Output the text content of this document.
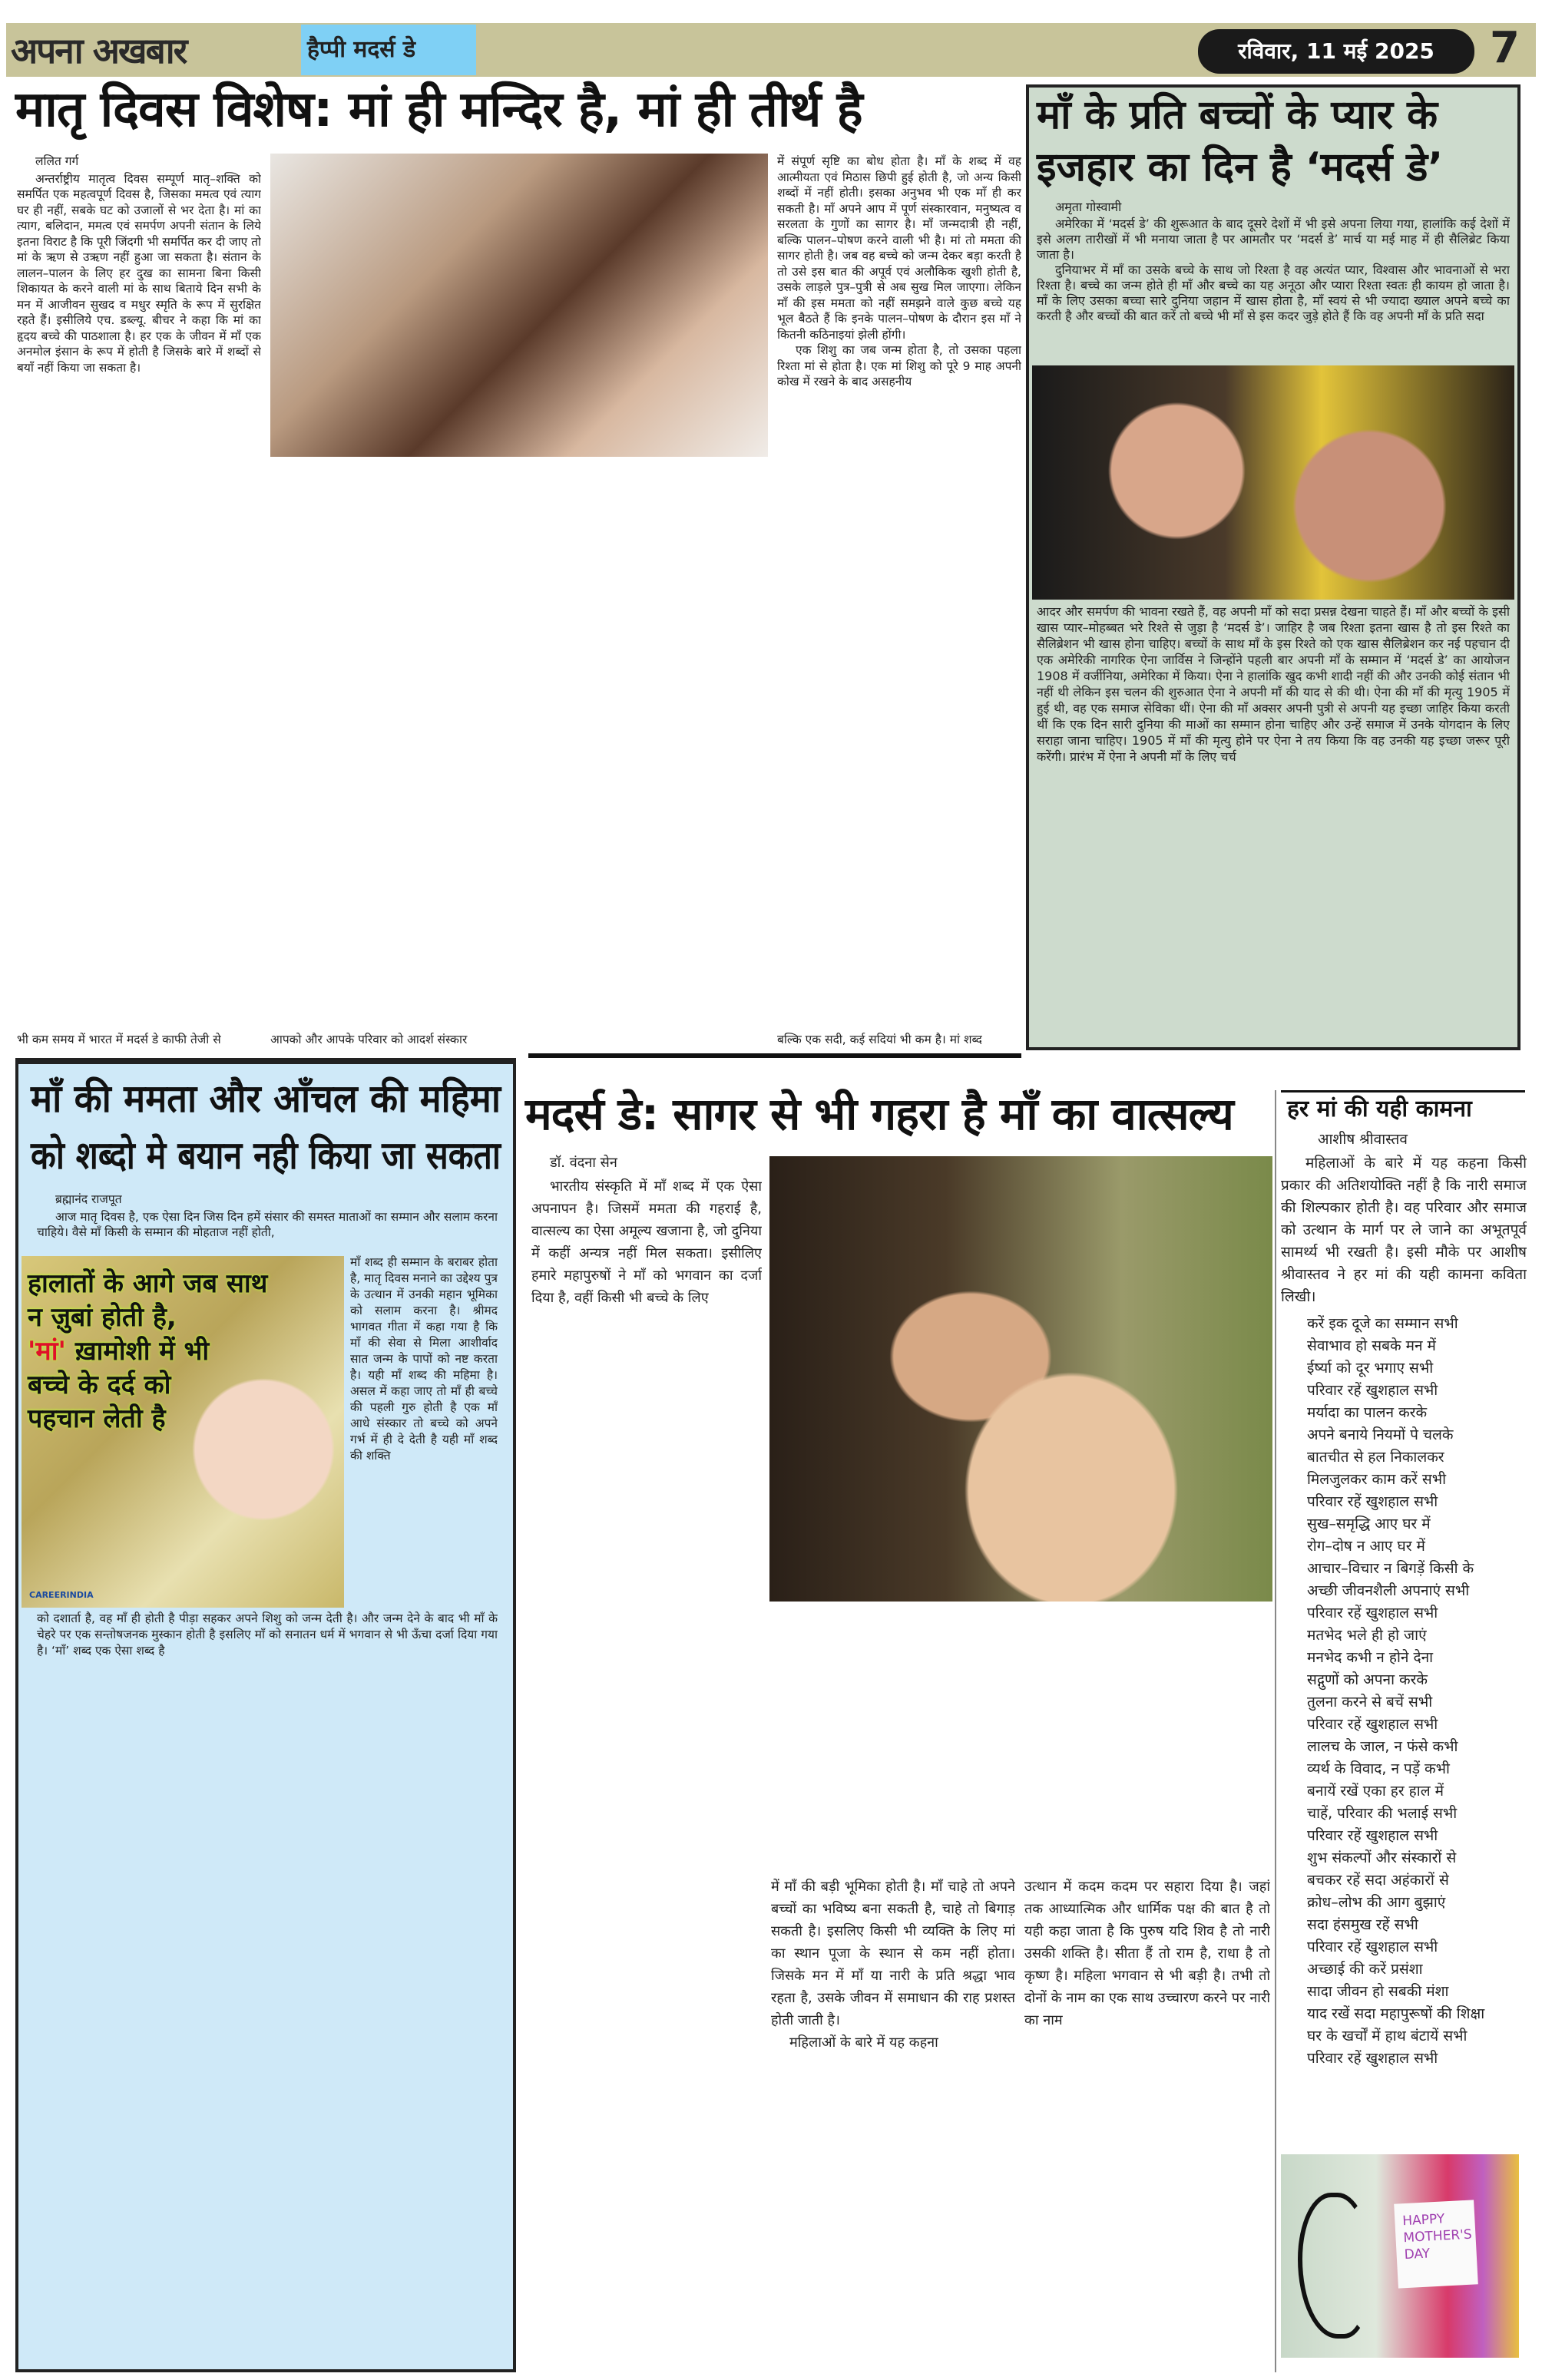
अपना अखबार	हैप्पी मदर्स डे	रविवार, 11 मई 2025	7
मातृ दिवस विशेष: मां ही मन्दिर है, मां ही तीर्थ है
ललित गर्ग

अन्तर्राष्ट्रीय मातृत्व दिवस सम्पूर्ण मातृ–शक्ति को समर्पित एक महत्वपूर्ण दिवस है, जिसका ममत्व एवं त्याग घर ही नहीं, सबके घट को उजालों से भर देता है। मां का त्याग, बलिदान, ममत्व एवं समर्पण अपनी संतान के लिये इतना विराट है कि पूरी जिंदगी भी समर्पित कर दी जाए तो मां के ऋण से उऋण नहीं हुआ जा सकता है। संतान के लालन–पालन के लिए हर दुख का सामना बिना किसी शिकायत के करने वाली मां के साथ बिताये दिन सभी के मन में आजीवन सुखद व मधुर स्मृति के रूप में सुरक्षित रहते हैं। इसीलिये एच. डब्ल्यू. बीचर ने कहा कि मां का हृदय बच्चे की पाठशाला है। हर एक के जीवन में माँ एक अनमोल इंसान के रूप में होती है जिसके बारे में शब्दों से बयाँ नहीं किया जा सकता है।

में संपूर्ण सृष्टि का बोध होता है। माँ के शब्द में वह आत्मीयता एवं मिठास छिपी हुई होती है, जो अन्य किसी शब्दों में नहीं होती। इसका अनुभव भी एक माँ ही कर सकती है। माँ अपने आप में पूर्ण संस्कारवान, मनुष्यत्व व सरलता के गुणों का सागर है। माँ जन्मदात्री ही नहीं, बल्कि पालन–पोषण करने वाली भी है। मां तो ममता की सागर होती है। जब वह बच्चे को जन्म देकर बड़ा करती है तो उसे इस बात की अपूर्व एवं अलौकिक खुशी होती है, उसके लाड़ले पुत्र–पुत्री से अब सुख मिल जाएगा। लेकिन माँ की इस ममता को नहीं समझने वाले कुछ बच्चे यह भूल बैठते हैं कि इनके पालन–पोषण के दौरान इस माँ ने कितनी कठिनाइयां झेली होंगी।

एक शिशु का जब जन्म होता है, तो उसका पहला रिश्ता मां से होता है। एक मां शिशु को पूरे 9 माह अपनी कोख में रखने के बाद असहनीय

भी कम समय में भारत में मदर्स डे काफी तेजी से	आपको और आपके परिवार को आदर्श संस्कार	बल्कि एक सदी, कई सदियां भी कम है। मां शब्द
माँ के प्रति बच्चों के प्यार के
इजहार का दिन है ‘मदर्स डे’
अमृता गोस्वामी

अमेरिका में ‘मदर्स डे’ की शुरूआत के बाद दूसरे देशों में भी इसे अपना लिया गया, हालांकि कई देशों में इसे अलग तारीखों में भी मनाया जाता है पर आमतौर पर ‘मदर्स डे’ मार्च या मई माह में ही सैलिब्रेट किया जाता है।

दुनियाभर में माँ का उसके बच्चे के साथ जो रिश्ता है वह अत्यंत प्यार, विश्वास और भावनाओं से भरा रिश्ता है। बच्चे का जन्म होते ही माँ और बच्चे का यह अनूठा और प्यारा रिश्ता स्वतः ही कायम हो जाता है। माँ के लिए उसका बच्चा सारे दुनिया जहान में खास होता है, माँ स्वयं से भी ज्यादा ख्याल अपने बच्चे का करती है और बच्चों की बात करें तो बच्चे भी माँ से इस कदर जुड़े होते हैं कि वह अपनी माँ के प्रति सदा

आदर और समर्पण की भावना रखते हैं, वह अपनी माँ को सदा प्रसन्न देखना चाहते हैं। माँ और बच्चों के इसी खास प्यार–मोहब्बत भरे रिश्ते से जुड़ा है ‘मदर्स डे’। जाहिर है जब रिश्ता इतना खास है तो इस रिश्ते का सैलिब्रेशन भी खास होना चाहिए। बच्चों के साथ माँ के इस रिश्ते को एक खास सैलिब्रेशन कर नई पहचान दी एक अमेरिकी नागरिक ऐना जार्विस ने जिन्होंने पहली बार अपनी माँ के सम्मान में ‘मदर्स डे’ का आयोजन 1908 में वर्जीनिया, अमेरिका में किया। ऐना ने हालांकि खुद कभी शादी नहीं की और उनकी कोई संतान भी नहीं थी लेकिन इस चलन की शुरुआत ऐना ने अपनी माँ की याद से की थी। ऐना की माँ की मृत्यु 1905 में हुई थी, वह एक समाज सेविका थीं। ऐना की माँ अक्सर अपनी पुत्री से अपनी यह इच्छा जाहिर किया करती थीं कि एक दिन सारी दुनिया की माओं का सम्मान होना चाहिए और उन्हें समाज में उनके योगदान के लिए सराहा जाना चाहिए। 1905 में माँ की मृत्यु होने पर ऐना ने तय किया कि वह उनकी यह इच्छा जरूर पूरी करेंगी। प्रारंभ में ऐना ने अपनी माँ के लिए चर्च

माँ की ममता और आँचल की महिमा
को शब्दो मे बयान नही किया जा सकता
ब्रह्मानंद राजपूत

आज मातृ दिवस है, एक ऐसा दिन जिस दिन हमें संसार की समस्त माताओं का सम्मान और सलाम करना चाहिये। वैसे माँ किसी के सम्मान की मोहताज नहीं होती,

हालातों के आगे जब साथ
न ज़ुबां होती है,
'मां' ख़ामोशी में भी
बच्चे के दर्द को
पहचान लेती है
CAREERINDIA
माँ शब्द ही सम्मान के बराबर होता है, मातृ दिवस मनाने का उद्देश्य पुत्र के उत्थान में उनकी महान भूमिका को सलाम करना है। श्रीमद भागवत गीता में कहा गया है कि माँ की सेवा से मिला आशीर्वाद सात जन्म के पापों को नष्ट करता है। यही माँ शब्द की महिमा है। असल में कहा जाए तो माँ ही बच्चे की पहली गुरु होती है एक माँ आधे संस्कार तो बच्चे को अपने गर्भ में ही दे देती है यही माँ शब्द की शक्ति
को दशार्ता है, वह माँ ही होती है पीड़ा सहकर अपने शिशु को जन्म देती है। और जन्म देने के बाद भी माँ के चेहरे पर एक सन्तोषजनक मुस्कान होती है इसलिए माँ को सनातन धर्म में भगवान से भी ऊँचा दर्जा दिया गया है। ‘माँ’ शब्द एक ऐसा शब्द है
मदर्स डे: सागर से भी गहरा है माँ का वात्सल्य
डॉ. वंदना सेन

भारतीय संस्कृति में माँ शब्द में एक ऐसा अपनापन है। जिसमें ममता की गहराई है, वात्सल्य का ऐसा अमूल्य खजाना है, जो दुनिया में कहीं अन्यत्र नहीं मिल सकता। इसीलिए हमारे महापुरुषों ने माँ को भगवान का दर्जा दिया है, वहीं किसी भी बच्चे के लिए

में माँ की बड़ी भूमिका होती है। माँ चाहे तो अपने बच्चों का भविष्य बना सकती है, चाहे तो बिगाड़ सकती है। इसलिए किसी भी व्यक्ति के लिए मां का स्थान पूजा के स्थान से कम नहीं होता। जिसके मन में माँ या नारी के प्रति श्रद्धा भाव रहता है, उसके जीवन में समाधान की राह प्रशस्त होती जाती है।

महिलाओं के बारे में यह कहना

उत्थान में कदम कदम पर सहारा दिया है। जहां तक आध्यात्मिक और धार्मिक पक्ष की बात है तो यही कहा जाता है कि पुरुष यदि शिव है तो नारी उसकी शक्ति है। सीता हैं तो राम है, राधा है तो कृष्ण है। महिला भगवान से भी बड़ी है। तभी तो दोनों के नाम का एक साथ उच्चारण करने पर नारी का नाम

हर मां की यही कामना
आशीष श्रीवास्तव
महिलाओं के बारे में यह कहना किसी प्रकार की अतिशयोक्ति नहीं है कि नारी समाज की शिल्पकार होती है। वह परिवार और समाज को उत्थान के मार्ग पर ले जाने का अभूतपूर्व सामर्थ्य भी रखती है। इसी मौके पर आशीष श्रीवास्तव ने हर मां की यही कामना कविता लिखी।

करें इक दूजे का सम्मान सभी

सेवाभाव हो सबके मन में

ईर्ष्या को दूर भगाए सभी

परिवार रहें खुशहाल सभी

मर्यादा का पालन करके

अपने बनाये नियमों पे चलके

बातचीत से हल निकालकर

मिलजुलकर काम करें सभी

परिवार रहें खुशहाल सभी

सुख–समृद्धि आए घर में

रोग–दोष न आए घर में

आचार–विचार न बिगड़ें किसी के

अच्छी जीवनशैली अपनाएं सभी

परिवार रहें खुशहाल सभी

मतभेद भले ही हो जाएं

मनभेद कभी न होने देना

सद्गुणों को अपना करके

तुलना करने से बचें सभी

परिवार रहें खुशहाल सभी

लालच के जाल, न फंसे कभी

व्यर्थ के विवाद, न पड़ें कभी

बनायें रखें एका हर हाल में

चाहें, परिवार की भलाई सभी

परिवार रहें खुशहाल सभी

शुभ संकल्पों और संस्कारों से

बचकर रहें सदा अहंकारों से

क्रोध–लोभ की आग बुझाएं

सदा हंसमुख रहें सभी

परिवार रहें खुशहाल सभी

अच्छाई की करें प्रसंशा

सादा जीवन हो सबकी मंशा

याद रखें सदा महापुरूषों की शिक्षा

घर के खर्चों में हाथ बंटायें सभी

परिवार रहें खुशहाल सभी

HAPPY MOTHER'S DAY
